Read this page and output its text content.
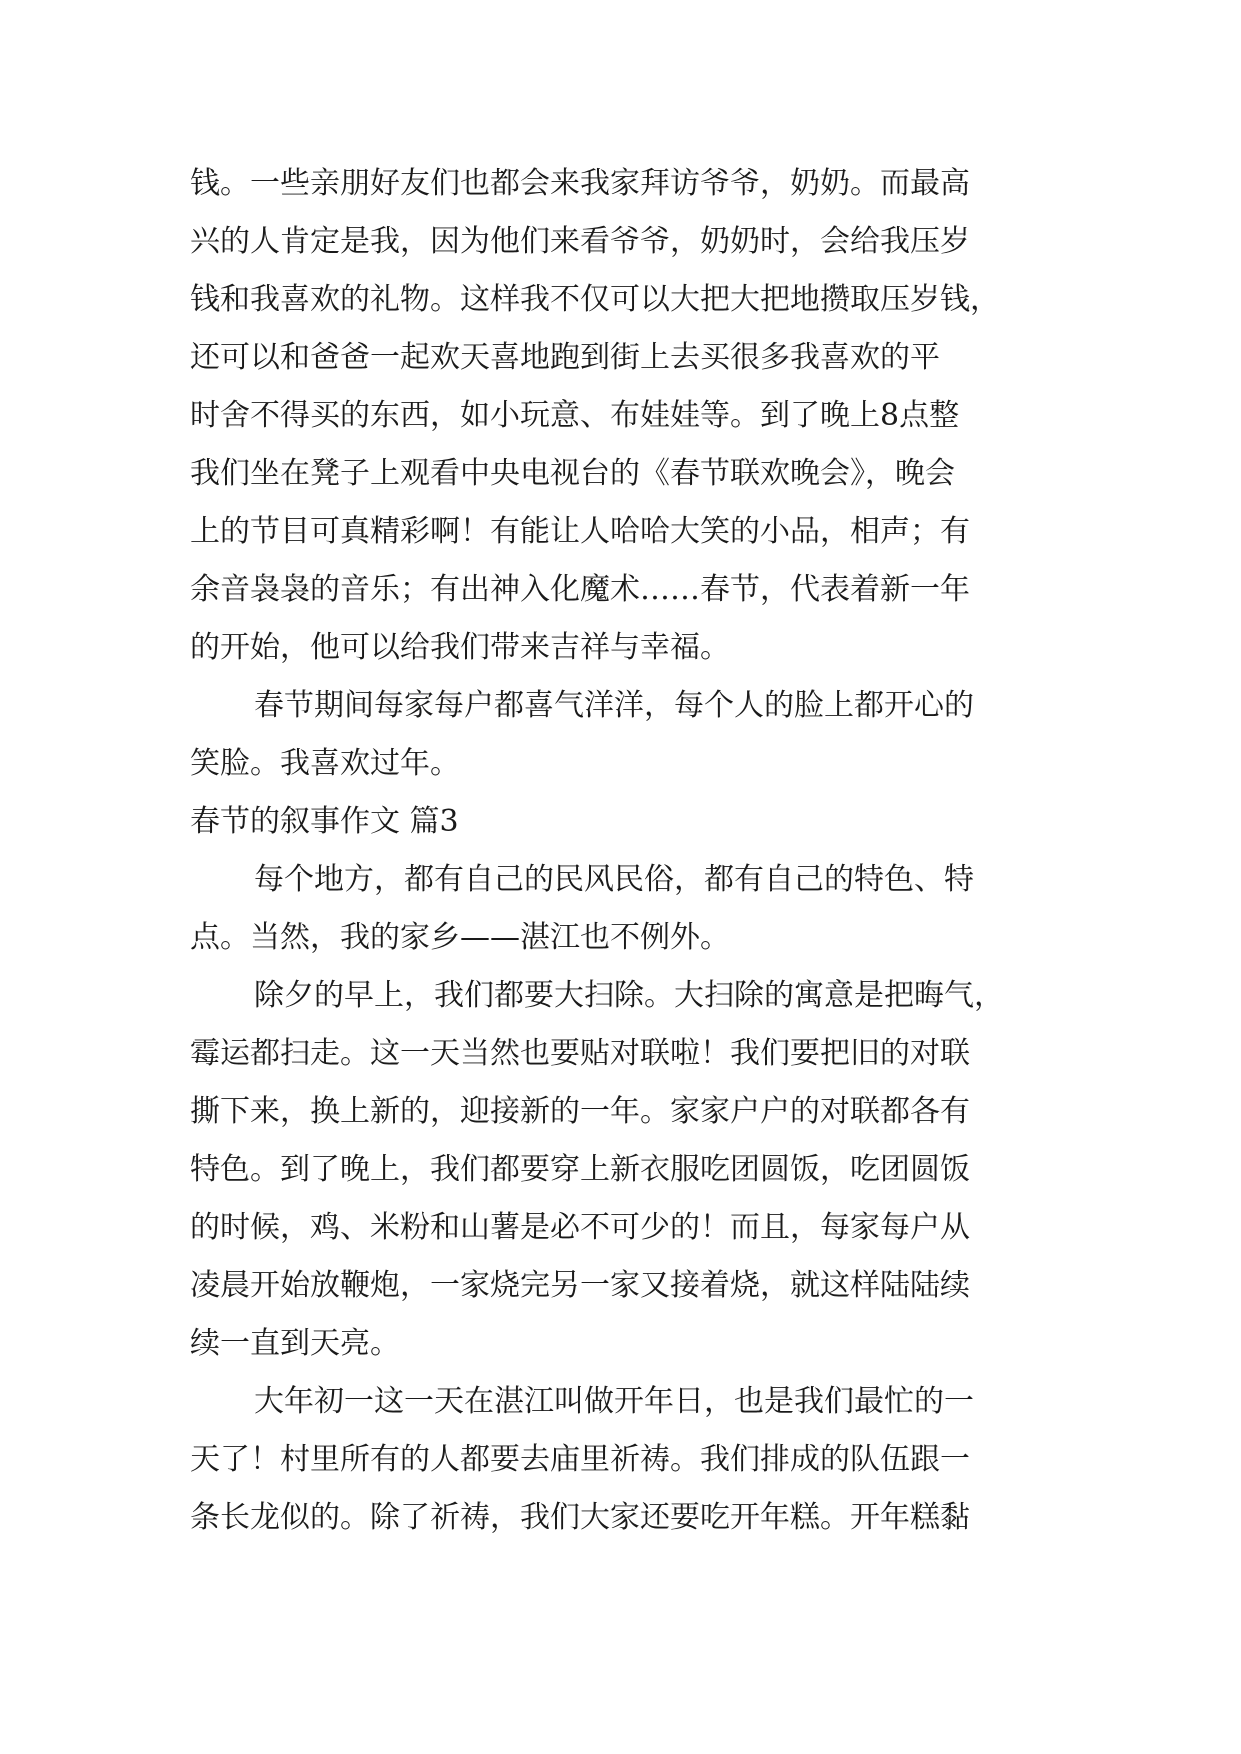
钱。一些亲朋好友们也都会来我家拜访爷爷，奶奶。而最高
兴的人肯定是我，因为他们来看爷爷，奶奶时，会给我压岁
钱和我喜欢的礼物。这样我不仅可以大把大把地攒取压岁钱，
还可以和爸爸一起欢天喜地跑到街上去买很多我喜欢的平
时舍不得买的东西，如小玩意、布娃娃等。到了晚上8点整
我们坐在凳子上观看中央电视台的《春节联欢晚会》，晚会
上的节目可真精彩啊！有能让人哈哈大笑的小品，相声；有
余音袅袅的音乐；有出神入化魔术……春节，代表着新一年
的开始，他可以给我们带来吉祥与幸福。
春节期间每家每户都喜气洋洋，每个人的脸上都开心的
笑脸。我喜欢过年。
春节的叙事作文 篇3
每个地方，都有自己的民风民俗，都有自己的特色、特
点。当然，我的家乡——湛江也不例外。
除夕的早上，我们都要大扫除。大扫除的寓意是把晦气，
霉运都扫走。这一天当然也要贴对联啦！我们要把旧的对联
撕下来，换上新的，迎接新的一年。家家户户的对联都各有
特色。到了晚上，我们都要穿上新衣服吃团圆饭，吃团圆饭
的时候，鸡、米粉和山薯是必不可少的！而且，每家每户从
凌晨开始放鞭炮，一家烧完另一家又接着烧，就这样陆陆续
续一直到天亮。
大年初一这一天在湛江叫做开年日，也是我们最忙的一
天了！村里所有的人都要去庙里祈祷。我们排成的队伍跟一
条长龙似的。除了祈祷，我们大家还要吃开年糕。开年糕黏
